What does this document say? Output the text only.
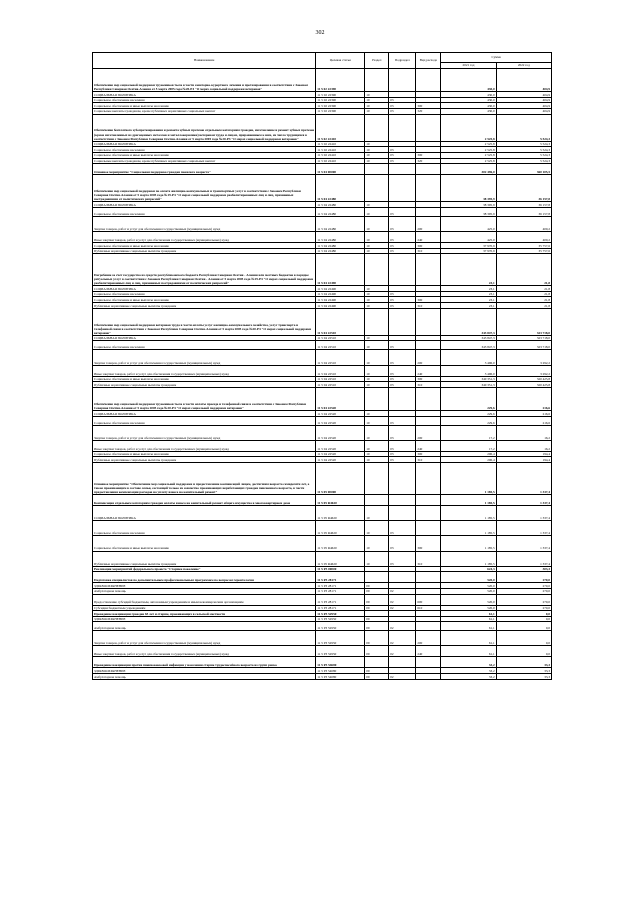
302
Наименование	Целевая статья	Раздел	Подраздел	Вид расхода	Сумма	
					2021 год	2022 год
Обеспечение мер социальной поддержки тружеников тыла в части санаторно-курортного лечения и протезирования в соответствии с Законом Республики Северная Осетия-Алания от 5 марта 2005 года №20-РЗ "О мерах социальной поддержки ветеранов"	11 5 02 22390				430,0	404,9
СОЦИАЛЬНАЯ ПОЛИТИКА	11 5 02 22390	10			430,0	404,9
Социальное обеспечение населения	11 5 02 22390	10	03		430,0	404,9
Социальное обеспечение и иные выплаты населению	11 5 02 22390	10	03	300	430,0	404,9
Социальные выплаты гражданам, кроме публичных нормативных социальных выплат	11 5 02 22390	10	03	320	430,0	404,9
Обеспечение бесплатного зубопротезирования и ремонта зубных протезов отдельным категориям граждан, изготовление и ремонт зубных протезов (кроме изготовленных из драгоценных металлов и металлокерамики) ветеранам труда и лицам, приравненным к ним, из числа трудящихся в соответствии с Законом Республики Северная Осетия-Алания от 5 марта 2005 года №20-РЗ "О мерах социальной поддержки ветеранов"	11 5 02 22410				2 525,8	5 524,3
СОЦИАЛЬНАЯ ПОЛИТИКА	11 5 02 22410	10			2 525,8	5 524,3
Социальное обеспечение населения	11 5 02 22410	10	03		2 525,8	5 524,3
Социальное обеспечение и иные выплаты населению	11 5 02 22410	10	03	300	2 525,8	5 524,3
Социальные выплаты гражданам, кроме публичных нормативных социальных выплат	11 5 02 22410	10	03	320	2 525,8	5 524,3
Основное мероприятие "Социальная поддержка граждан пожилого возраста"	11 5 04 00000				302 496,0	360 105,5
Обеспечение мер социальной поддержки по оплате жилищно-коммунальных и транспортных услуг в соответствии с Законом Республики Северная Осетия-Алания от 5 марта 2005 года №19-РЗ "О мерах социальной поддержки реабилитированных лиц и лиц, признанных пострадавшими от политических репрессий"	11 5 04 22480				38 395,9	36 157,8
СОЦИАЛЬНАЯ ПОЛИТИКА	11 5 04 22480	10			38 395,9	36 157,8
Социальное обеспечение населения	11 5 04 22480	10	03		38 395,9	36 157,8
Закупка товаров, работ и услуг для обеспечения государственных (муниципальных) нужд	11 5 04 22480	10	03	200	425,0	400,2
Иные закупки товаров, работ и услуг для обеспечения государственных (муниципальных) нужд	11 5 04 22480	10	03	240	425,0	400,2
Социальное обеспечение и иные выплаты населению	11 5 04 22480	10	03	300	37 970,9	35 757,6
Публичные нормативные социальные выплаты гражданам	11 5 04 22480	10	03	310	37 970,9	35 757,6
Погребение за счет государства из средств республиканского бюджета Республики Северная Осетия - Алания или местных бюджетов в порядке ритуальных услуг в соответствии с Законом Республики Северная Осетия - Алания от 5 марта 2005 года №19-РЗ "О мерах социальной поддержки реабилитированных лиц и лиц, признанных пострадавшими от политических репрессий"	11 5 04 22490				23,1	21,8
СОЦИАЛЬНАЯ ПОЛИТИКА	11 5 04 22490	10			23,1	21,8
Социальное обеспечение населения	11 5 04 22490	10	03		23,1	21,8
Социальное обеспечение и иные выплаты населению	11 5 04 22490	10	03	300	23,1	21,8
Публичные нормативные социальные выплаты гражданам	11 5 04 22490	10	03	310	23,1	21,8
Обеспечение мер социальной поддержки ветеранов труда в части оплаты услуг жилищно-коммунального хозяйства, услуг транспорта и телефонной связи в соответствии с Законом Республики Северная Осетия-Алания от 5 марта 2005 года №20-РЗ "О мерах социальной поддержки ветеранов"	11 5 04 22510				343 847,3	323 718,0
СОЦИАЛЬНАЯ ПОЛИТИКА	11 5 04 22510	10			343 847,3	323 718,0
Социальное обеспечение населения	11 5 04 22510	10	03		343 847,3	323 718,0
Закупка товаров, работ и услуг для обеспечения государственных (муниципальных) нужд	11 5 04 22510	10	03	200	3 496,0	3 292,2
Иные закупки товаров, работ и услуг для обеспечения государственных (муниципальных) нужд	11 5 04 22510	10	03	240	3 496,0	3 292,2
Социальное обеспечение и иные выплаты населению	11 5 04 22510	10	03	300	340 351,3	320 425,8
Публичные нормативные социальные выплаты гражданам	11 5 04 22510	10	03	310	340 351,3	320 425,8
Обеспечение мер социальной поддержки тружеников тыла в части оплаты проезда и телефонной связи в соответствии с Законом Республики Северная Осетия-Алания от 5 марта 2005 года №20-РЗ "О мерах социальной поддержки ветеранов"	11 5 04 22520				229,6	216,6
СОЦИАЛЬНАЯ ПОЛИТИКА	11 5 04 22520	10			229,6	216,6
Социальное обеспечение населения	11 5 04 22520	10	03		229,6	216,6
Закупка товаров, работ и услуг для обеспечения государственных (муниципальных) нужд	11 5 04 22520	10	03	200	17,2	16,2
Иные закупки товаров, работ и услуг для обеспечения государственных (муниципальных) нужд	11 5 04 22520	10	03	240	17,2	16,2
Социальное обеспечение и иные выплаты населению	11 5 04 22520	10	03	300	206,4	194,4
Публичные нормативные социальные выплаты гражданам	11 5 04 22520	10	03	310	206,4	194,4
Основное мероприятие "Обеспечение мер социальной поддержки и предоставление компенсаций лицам, достигшим возраста семидесяти лет, а также проживающим в составе семьи, состоящей только из совместно проживающих неработающих граждан пенсионного возраста, в части предоставления компенсации расходов на уплату взноса на капитальный ремонт"	11 5 05 00000				1 185,5	1 337,4
Компенсация отдельным категориям граждан оплаты взноса на капитальный ремонт общего имущества в многоквартирном доме	11 5 05 R4620				1 185,5	1 337,4
СОЦИАЛЬНАЯ ПОЛИТИКА	11 5 05 R4620	10			1 185,5	1 337,4
Социальное обеспечение населения	11 5 05 R4620	10	03		1 185,5	1 337,4
Социальное обеспечение и иные выплаты населению	11 5 05 R4620	10	03	300	1 185,5	1 337,4
Публичные нормативные социальные выплаты гражданам	11 5 05 R4620	10	03	310	1 185,5	1 337,4
Реализация мероприятий федерального проекта "Старшее поколение"	11 5 P3 00000				624,3	303,3
Подготовка специалистов по дополнительным профессиональным программам по вопросам геронтологии	11 5 P3 28171				520,0	270,0
ЗДРАВООХРАНЕНИЕ	11 5 P3 28171	09			520,0	270,0
Амбулаторная помощь	11 5 P3 28171	09	02		520,0	270,0
Предоставление субсидий бюджетным, автономным учреждениям и иным некоммерческим организациям	11 5 P3 28171	09	02	600	520,0	270,0
Субсидии бюджетным учреждениям	11 5 P3 28171	09	02	610	520,0	270,0
Проведение вакцинации граждан 65 лет и старше, проживающих в сельской местности	11 5 P3 52950				61,1	0,0
ЗДРАВООХРАНЕНИЕ	11 5 P3 52950	09			61,1	0,0
Амбулаторная помощь	11 5 P3 52950	09	02		61,1	0,0
Закупка товаров, работ и услуг для обеспечения государственных (муниципальных) нужд	11 5 P3 52950	09	02	200	61,1	0,0
Иные закупки товаров, работ и услуг для обеспечения государственных (муниципальных) нужд	11 5 P3 52950	09	02	240	61,1	0,0
Проведение вакцинации против пневмококковой инфекции у населения старше трудоспособного возраста из групп риска	11 5 P3 54680				33,2	33,3
ЗДРАВООХРАНЕНИЕ	11 5 P3 54680	09			33,2	33,3
Амбулаторная помощь	11 5 P3 54680	09	02		33,2	33,3
